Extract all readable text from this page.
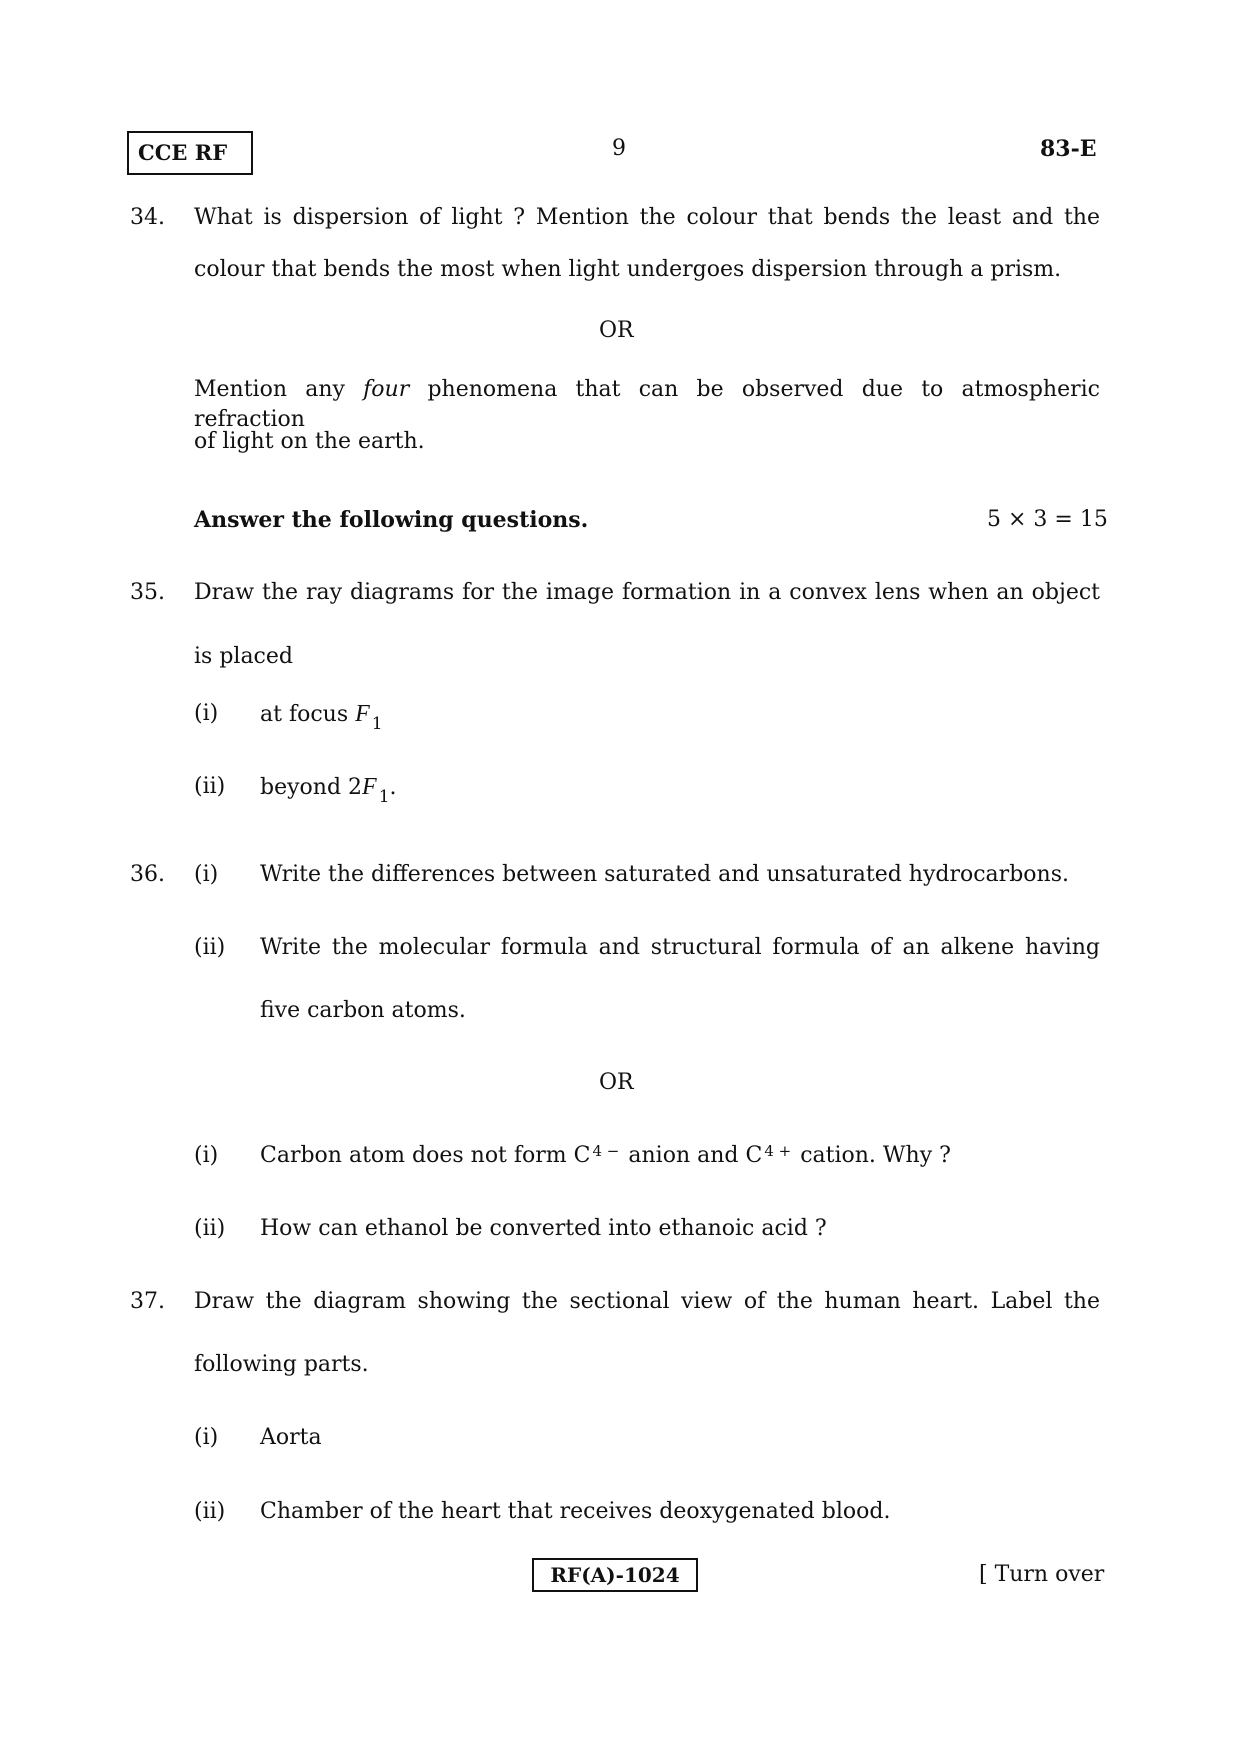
CCE RF	9	83-E
34. What is dispersion of light ? Mention the colour that bends the least and the
colour that bends the most when light undergoes dispersion through a prism.
OR
Mention any four phenomena that can be observed due to atmospheric refraction
of light on the earth.
Answer the following questions.	5 × 3 = 15
35. Draw the ray diagrams for the image formation in a convex lens when an object
is placed
(i) at focus F $_1$
(ii) beyond 2F $_1$.
36. (i) Write the differences between saturated and unsaturated hydrocarbons.
(ii) Write the molecular formula and structural formula of an alkene having
five carbon atoms.
OR
(i) Carbon atom does not form C $^{4 -}$ anion and C $^{4 +}$ cation. Why ?
(ii) How can ethanol be converted into ethanoic acid ?
37. Draw the diagram showing the sectional view of the human heart. Label the
following parts.
(i) Aorta
(ii) Chamber of the heart that receives deoxygenated blood.
RF(A)-1024	[ Turn over
